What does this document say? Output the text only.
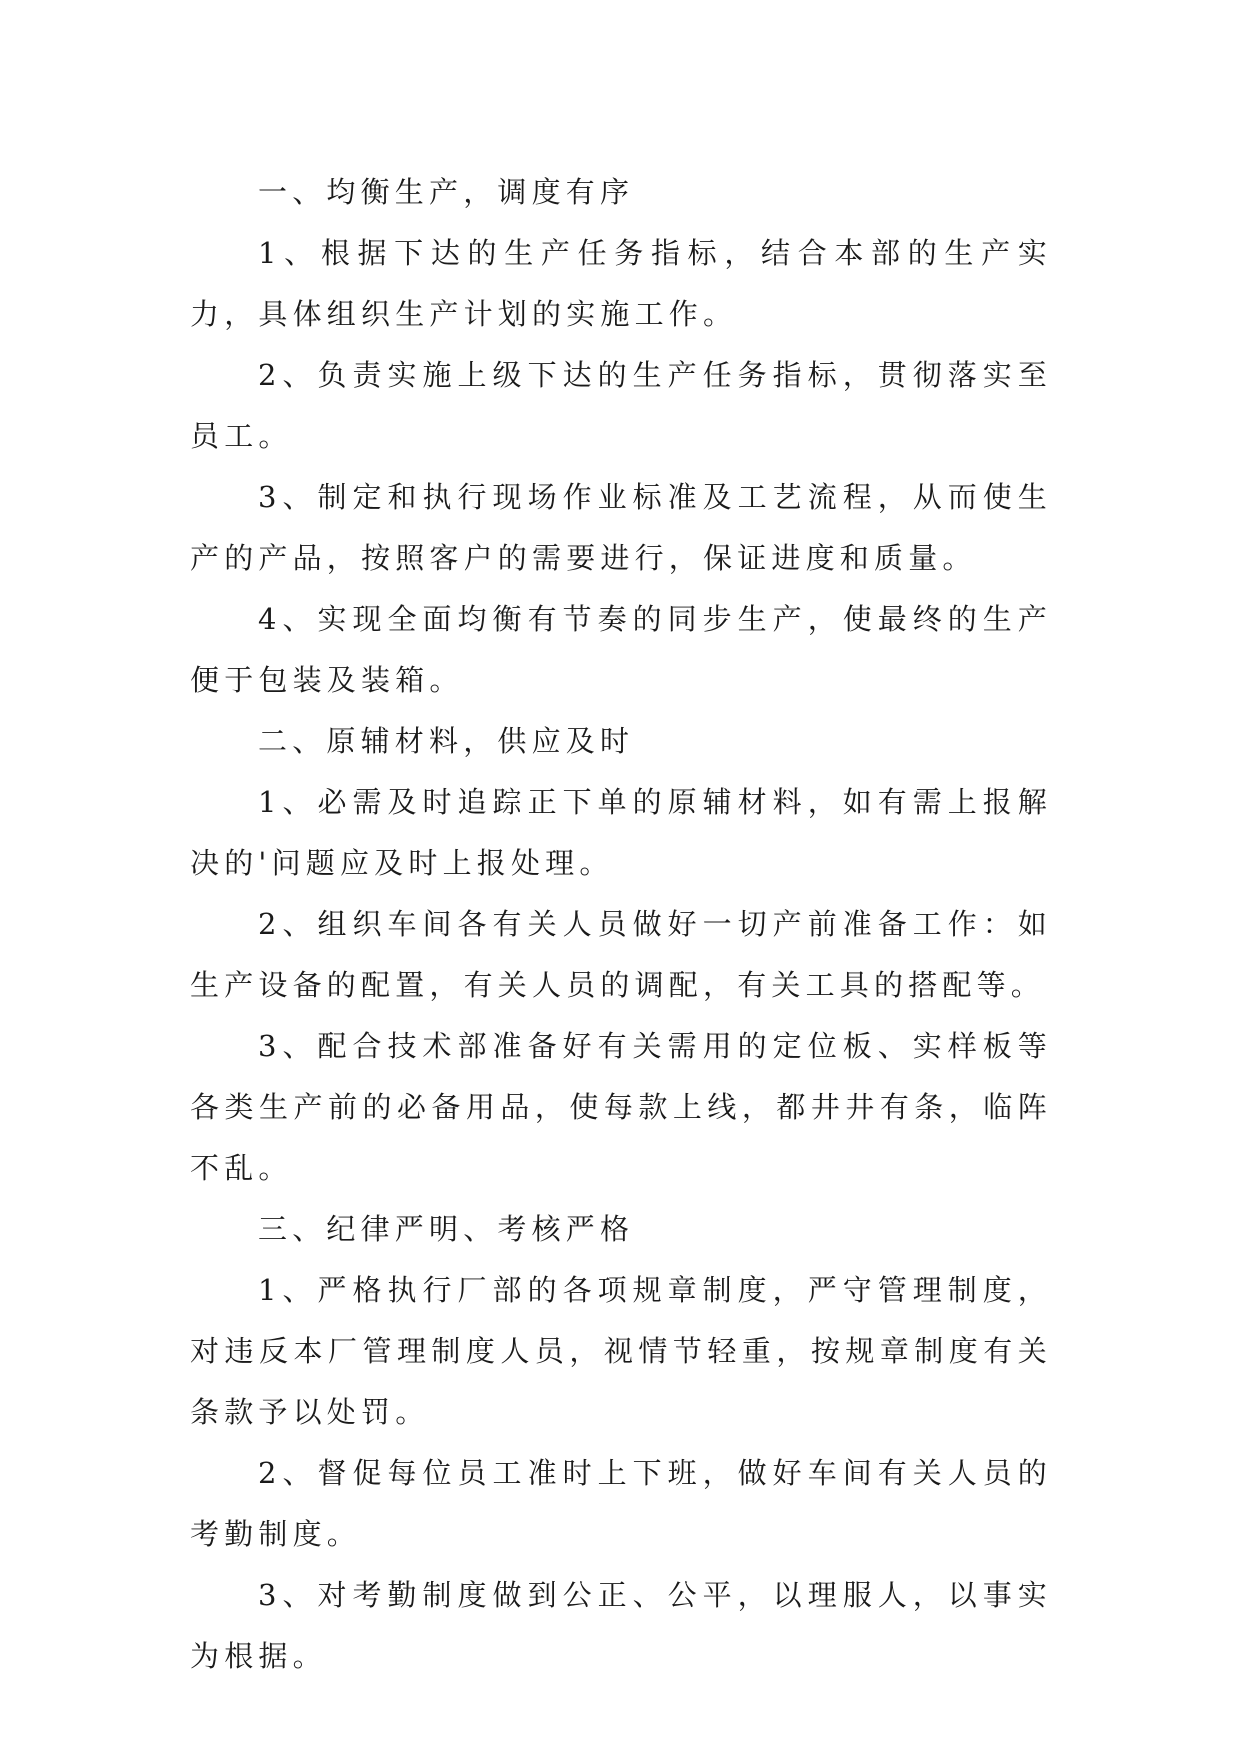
一、均衡生产，调度有序

1、根据下达的生产任务指标，结合本部的生产实力，具体组织生产计划的实施工作。

2、负责实施上级下达的生产任务指标，贯彻落实至员工。

3、制定和执行现场作业标准及工艺流程，从而使生产的产品，按照客户的需要进行，保证进度和质量。

4、实现全面均衡有节奏的同步生产，使最终的生产便于包装及装箱。

二、原辅材料，供应及时

1、必需及时追踪正下单的原辅材料，如有需上报解决的'问题应及时上报处理。

2、组织车间各有关人员做好一切产前准备工作：如生产设备的配置，有关人员的调配，有关工具的搭配等。

3、配合技术部准备好有关需用的定位板、实样板等各类生产前的必备用品，使每款上线，都井井有条，临阵不乱。

三、纪律严明、考核严格

1、严格执行厂部的各项规章制度，严守管理制度，对违反本厂管理制度人员，视情节轻重，按规章制度有关条款予以处罚。

2、督促每位员工准时上下班，做好车间有关人员的考勤制度。

3、对考勤制度做到公正、公平，以理服人，以事实为根据。
